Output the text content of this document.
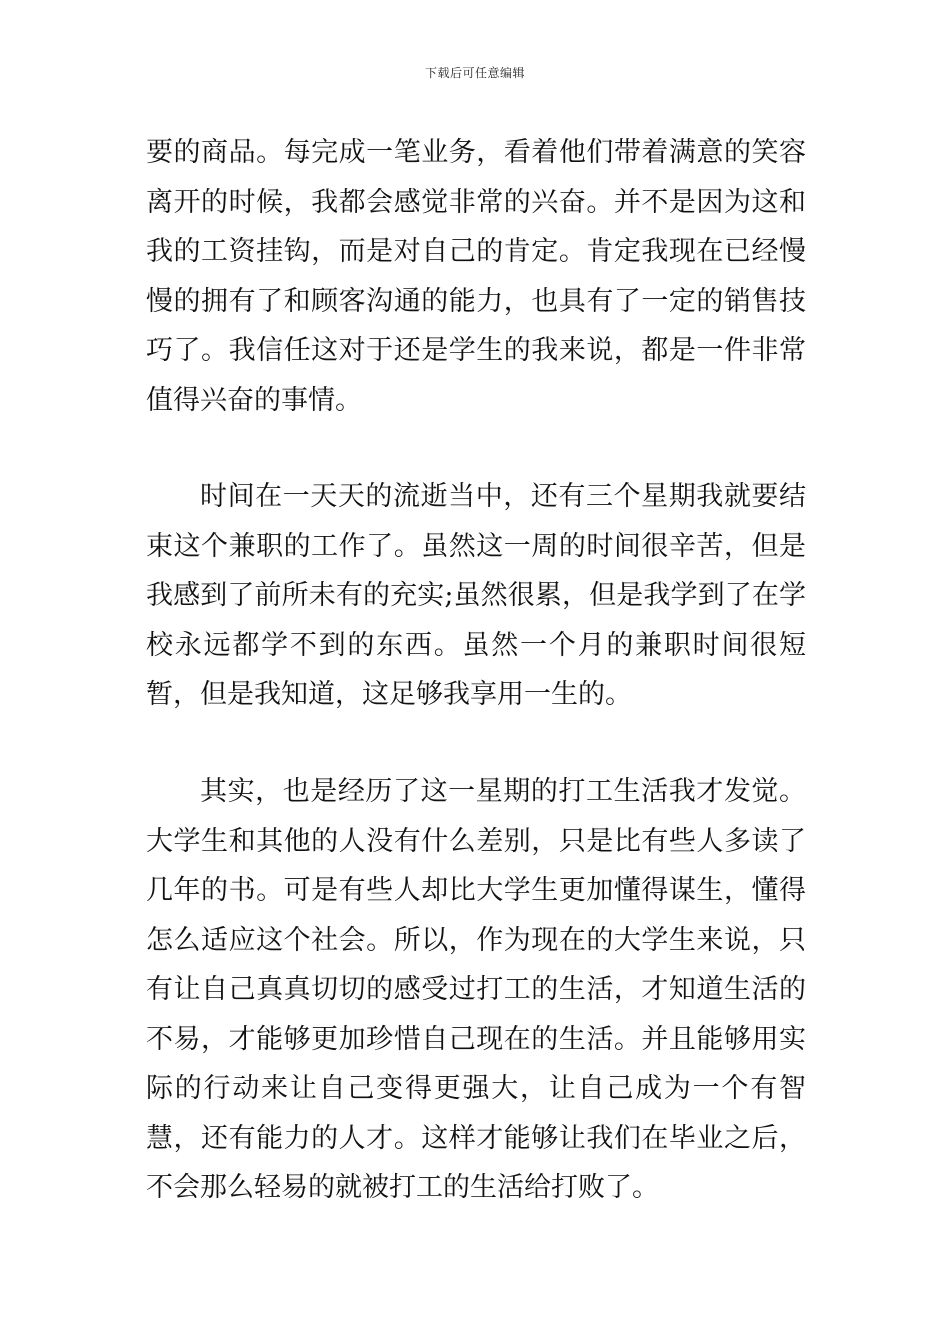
下载后可任意编辑

要的商品。每完成一笔业务，看着他们带着满意的笑容离开的时候，我都会感觉非常的兴奋。并不是因为这和我的工资挂钩，而是对自己的肯定。肯定我现在已经慢慢的拥有了和顾客沟通的能力，也具有了一定的销售技巧了。我信任这对于还是学生的我来说，都是一件非常值得兴奋的事情。

时间在一天天的流逝当中，还有三个星期我就要结束这个兼职的工作了。虽然这一周的时间很辛苦，但是我感到了前所未有的充实;虽然很累，但是我学到了在学校永远都学不到的东西。虽然一个月的兼职时间很短暂，但是我知道，这足够我享用一生的。

其实，也是经历了这一星期的打工生活我才发觉。大学生和其他的人没有什么差别，只是比有些人多读了几年的书。可是有些人却比大学生更加懂得谋生，懂得怎么适应这个社会。所以，作为现在的大学生来说，只有让自己真真切切的感受过打工的生活，才知道生活的不易，才能够更加珍惜自己现在的生活。并且能够用实际的行动来让自己变得更强大，让自己成为一个有智慧，还有能力的人才。这样才能够让我们在毕业之后，不会那么轻易的就被打工的生活给打败了。
